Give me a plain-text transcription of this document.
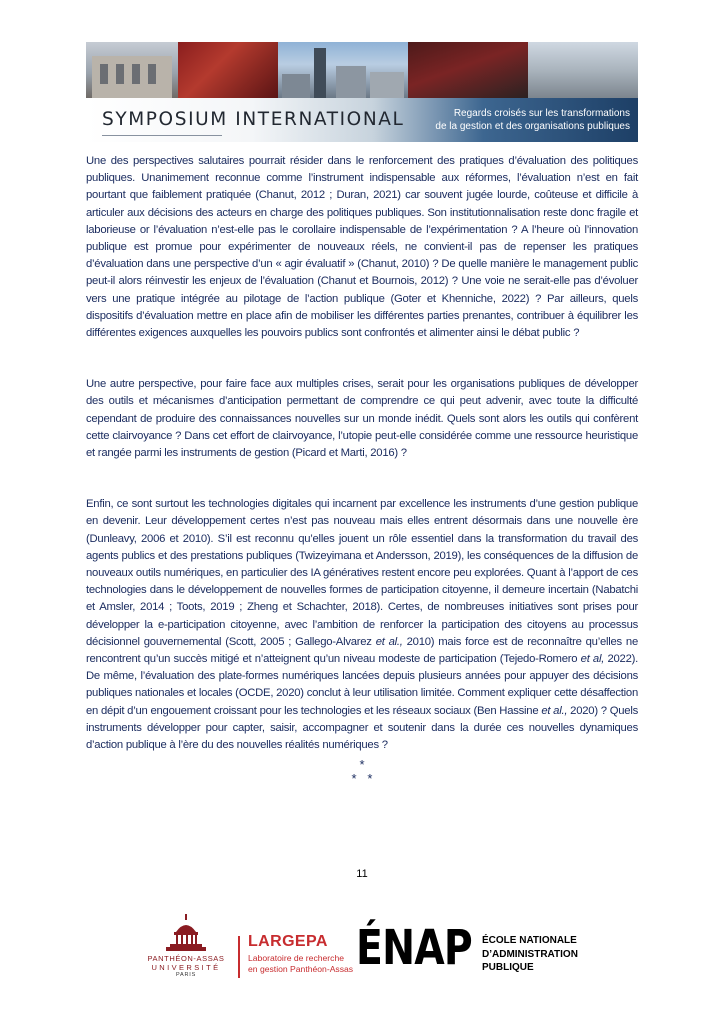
SYMPOSIUM INTERNATIONAL	Regards croisés sur les transformations
de la gestion et des organisations publiques

Une des perspectives salutaires pourrait résider dans le renforcement des pratiques d’évaluation des politiques publiques. Unanimement reconnue comme l’instrument indispensable aux réformes, l’évaluation n’est en fait pourtant que faiblement pratiquée (Chanut, 2012 ; Duran, 2021) car souvent jugée lourde, coûteuse et difficile à articuler aux décisions des acteurs en charge des politiques publiques. Son institutionnalisation reste donc fragile et laborieuse or l’évaluation n’est-elle pas le corollaire indispensable de l’expérimentation ? A l’heure où l’innovation publique est promue pour expérimenter de nouveaux réels, ne convient-il pas de repenser les pratiques d’évaluation dans une perspective d’un « agir évaluatif » (Chanut, 2010) ? De quelle manière le management public peut-il alors réinvestir les enjeux de l’évaluation (Chanut et Bournois, 2012) ? Une voie ne serait-elle pas d’évoluer vers une pratique intégrée au pilotage de l’action publique (Goter et Khenniche, 2022) ? Par ailleurs, quels dispositifs d’évaluation mettre en place afin de mobiliser les différentes parties prenantes, contribuer à équilibrer les différentes exigences auxquelles les pouvoirs publics sont confrontés et alimenter ainsi le débat public ?

Une autre perspective, pour faire face aux multiples crises, serait pour les organisations publiques de développer des outils et mécanismes d’anticipation permettant de comprendre ce qui peut advenir, avec toute la difficulté cependant de produire des connaissances nouvelles sur un monde inédit. Quels sont alors les outils qui confèrent cette clairvoyance ? Dans cet effort de clairvoyance, l’utopie peut-elle considérée comme une ressource heuristique et rangée parmi les instruments de gestion (Picard et Marti, 2016) ?

Enfin, ce sont surtout les technologies digitales qui incarnent par excellence les instruments d’une gestion publique en devenir. Leur développement certes n’est pas nouveau mais elles entrent désormais dans une nouvelle ère (Dunleavy, 2006 et 2010). S’il est reconnu qu’elles jouent un rôle essentiel dans la transformation du travail des agents publics et des prestations publiques (Twizeyimana et Andersson, 2019), les conséquences de la diffusion de nouveaux outils numériques, en particulier des IA génératives restent encore peu explorées. Quant à l’apport de ces technologies dans le développement de nouvelles formes de participation citoyenne, il demeure incertain (Nabatchi et Amsler, 2014 ; Toots, 2019 ; Zheng et Schachter, 2018). Certes, de nombreuses initiatives sont prises pour développer la e-participation citoyenne, avec l’ambition de renforcer la participation des citoyens au processus décisionnel gouvernemental (Scott, 2005 ; Gallego-Alvarez et al., 2010) mais force est de reconnaître qu’elles ne rencontrent qu’un succès mitigé et n’atteignent qu’un niveau modeste de participation (Tejedo-Romero et al, 2022). De même, l’évaluation des plate-formes numériques lancées depuis plusieurs années pour appuyer des décisions publiques nationales et locales (OCDE, 2020) conclut à leur utilisation limitée. Comment expliquer cette désaffection en dépit d’un engouement croissant pour les technologies et les réseaux sociaux (Ben Hassine et al., 2020) ? Quels instruments développer pour capter, saisir, accompagner et soutenir dans la durée ces nouvelles dynamiques d’action publique à l’ère du des nouvelles réalités numériques ?

*
*   *
11
PANTHÉON-ASSAS
UNIVERSITÉ
PARIS
LARGEPA
Laboratoire de recherche
en gestion Panthéon-Assas ÉNAP ÉCOLE NATIONALE
D’ADMINISTRATION
PUBLIQUE
